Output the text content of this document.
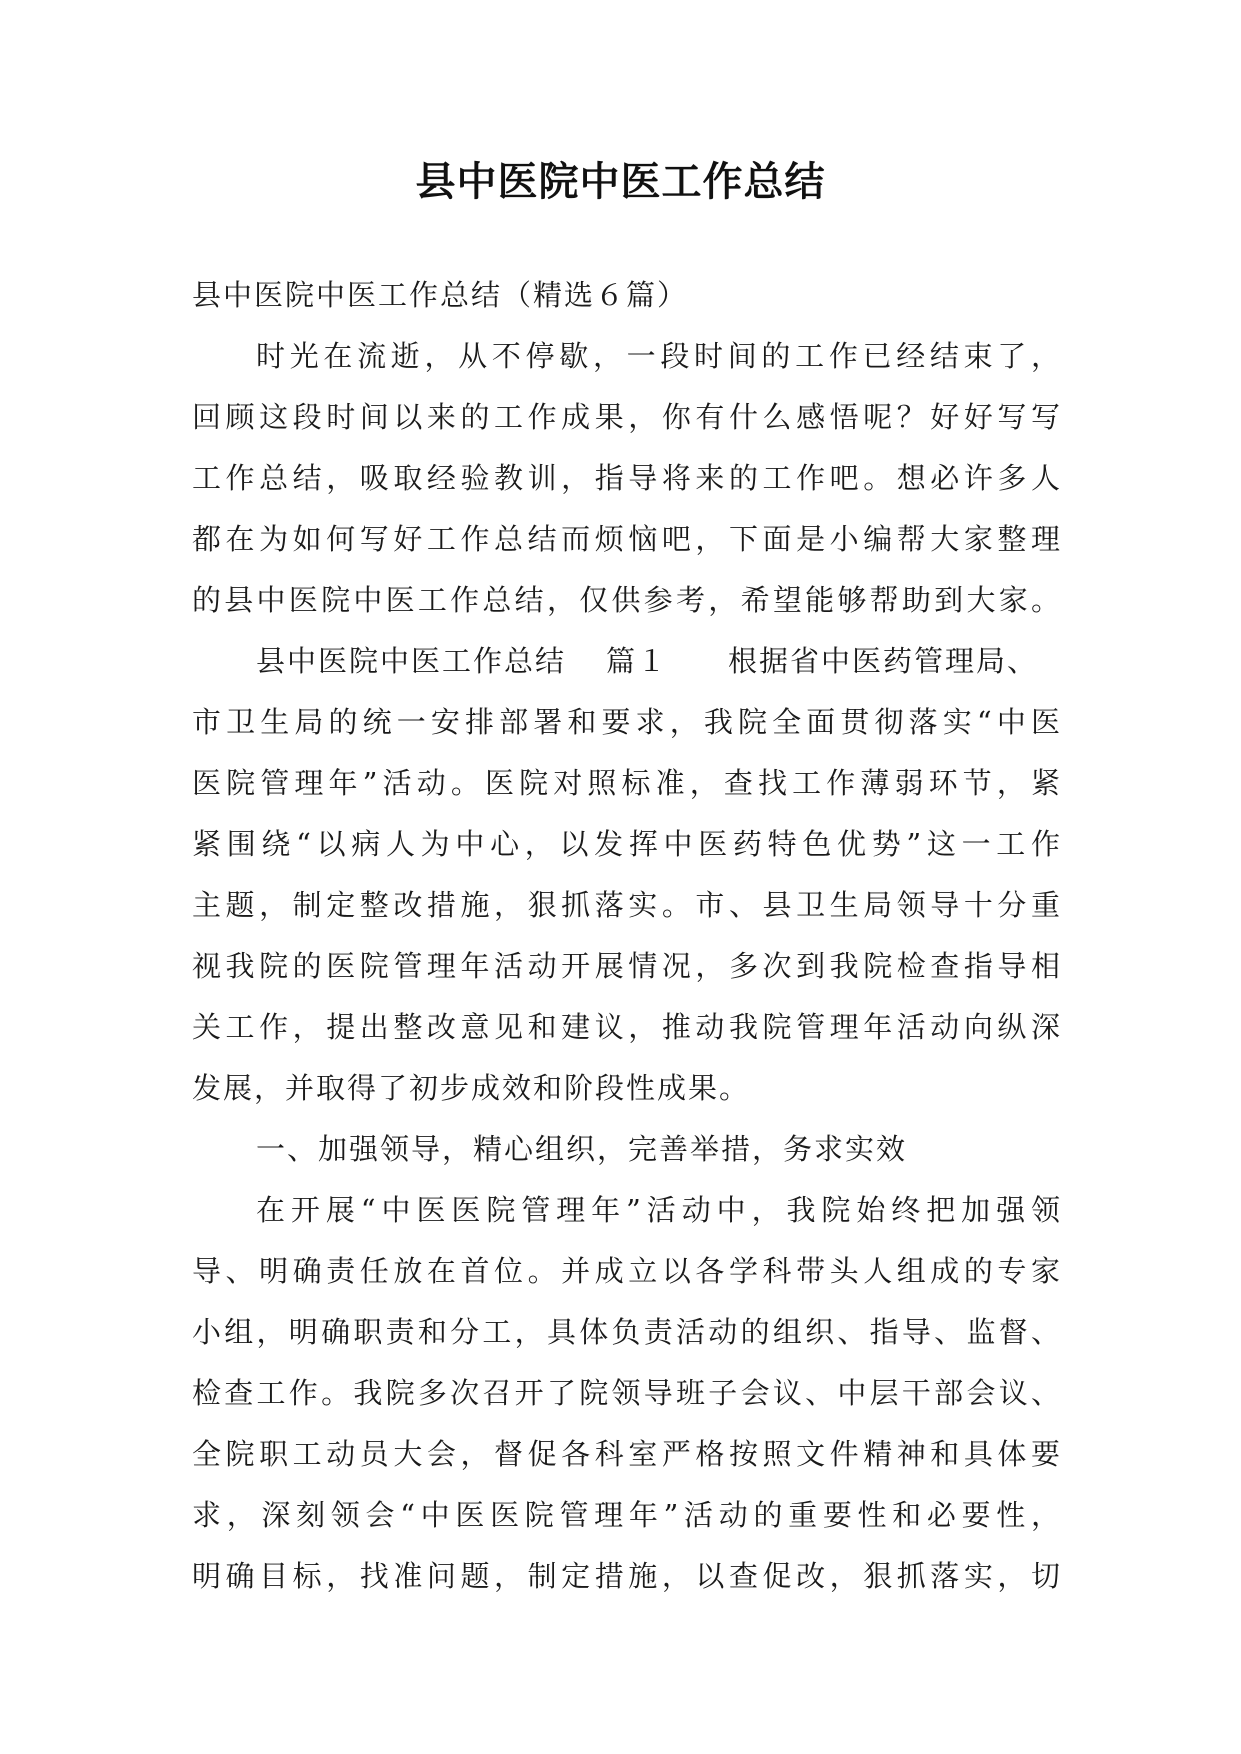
县中医院中医工作总结
县中医院中医工作总结（精选６篇）
时光在流逝，从不停歇，一段时间的工作已经结束了，
回顾这段时间以来的工作成果，你有什么感悟呢？好好写写
工作总结，吸取经验教训，指导将来的工作吧。想必许多人
都在为如何写好工作总结而烦恼吧，下面是小编帮大家整理
的县中医院中医工作总结，仅供参考，希望能够帮助到大家。
县中医院中医工作总结 篇１ 根据省中医药管理局、
市卫生局的统一安排部署和要求，我院全面贯彻落实“中医
医院管理年”活动。医院对照标准，查找工作薄弱环节，紧
紧围绕“以病人为中心，以发挥中医药特色优势”这一工作
主题，制定整改措施，狠抓落实。市、县卫生局领导十分重
视我院的医院管理年活动开展情况，多次到我院检查指导相
关工作，提出整改意见和建议，推动我院管理年活动向纵深
发展，并取得了初步成效和阶段性成果。
一、加强领导，精心组织，完善举措，务求实效
在开展“中医医院管理年”活动中，我院始终把加强领
导、明确责任放在首位。并成立以各学科带头人组成的专家
小组，明确职责和分工，具体负责活动的组织、指导、监督、
检查工作。我院多次召开了院领导班子会议、中层干部会议、
全院职工动员大会，督促各科室严格按照文件精神和具体要
求，深刻领会“中医医院管理年”活动的重要性和必要性，
明确目标，找准问题，制定措施，以查促改，狠抓落实，切
